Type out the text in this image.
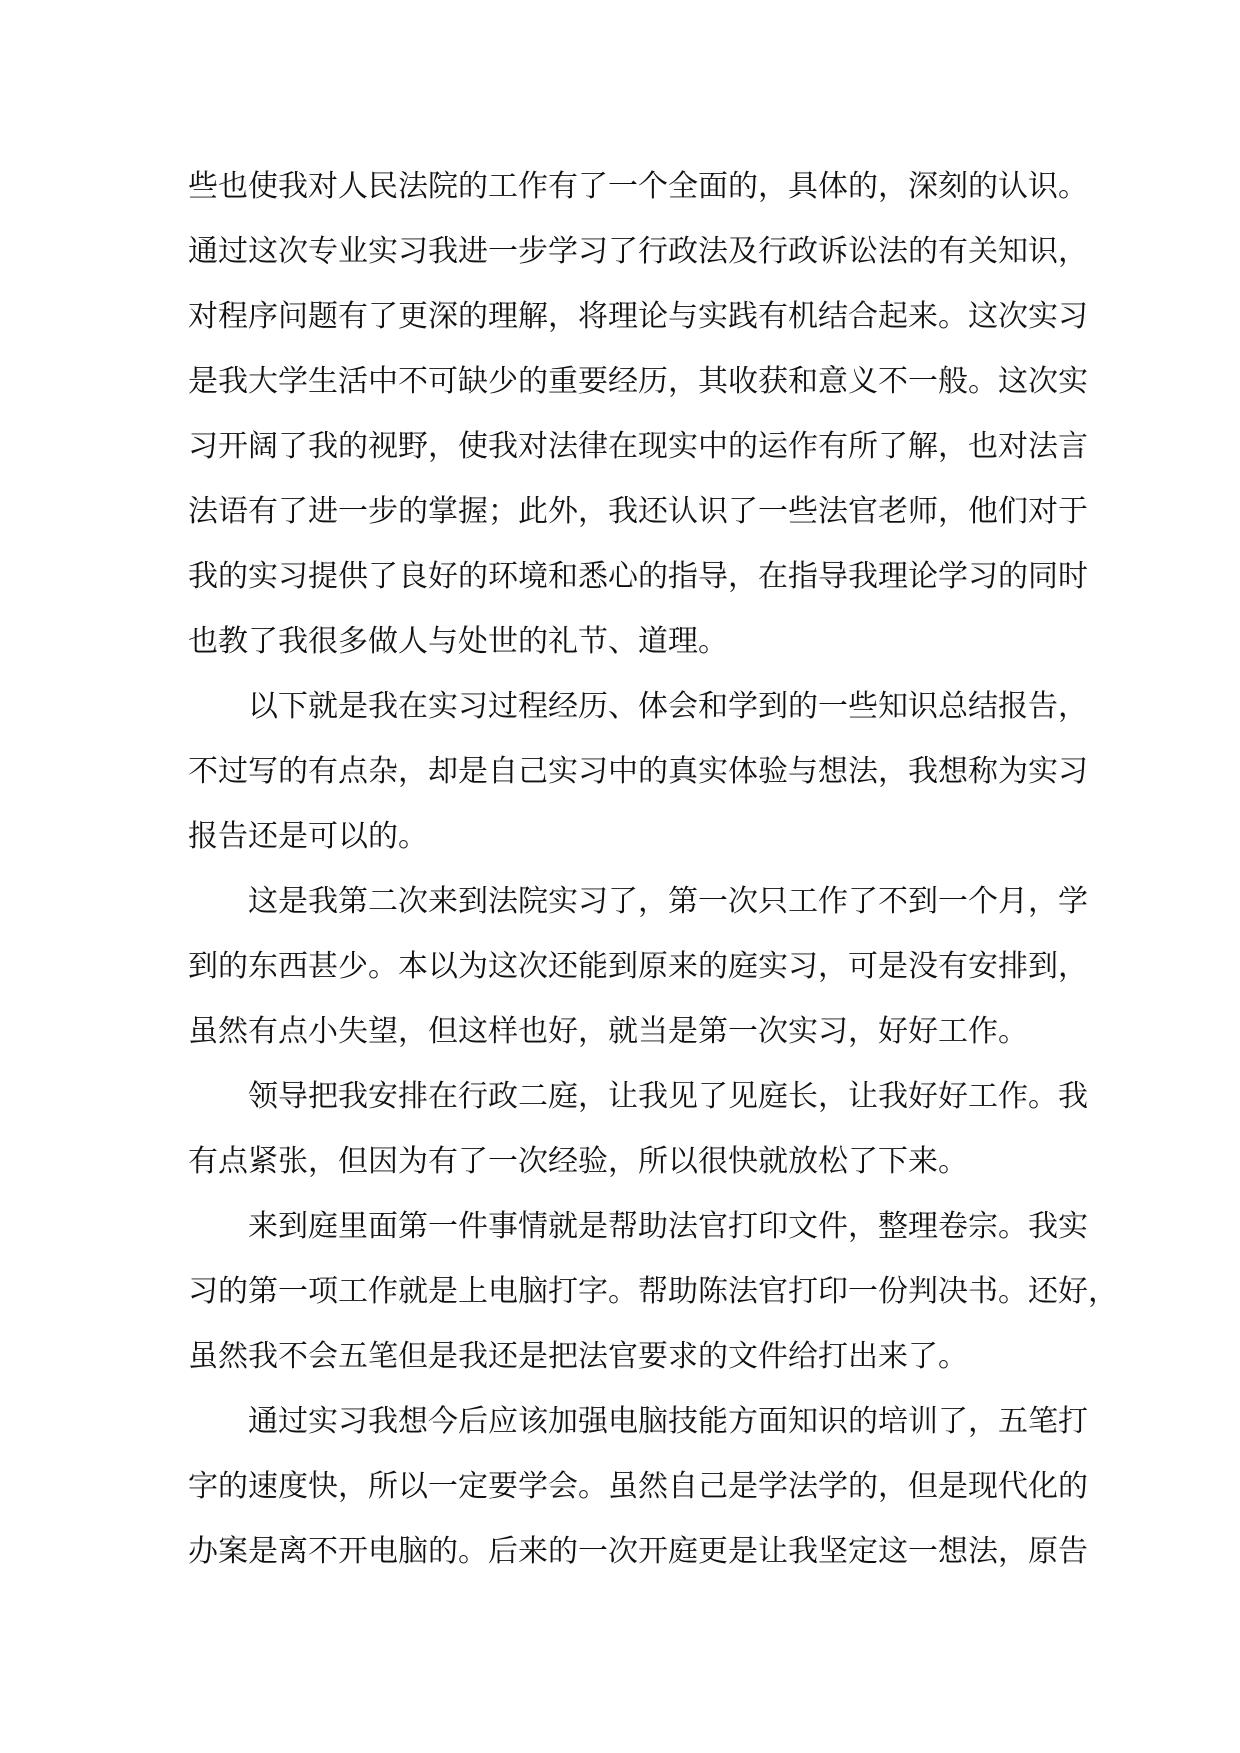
些也使我对人民法院的工作有了一个全面的，具体的，深刻的认识。
通过这次专业实习我进一步学习了行政法及行政诉讼法的有关知识，
对程序问题有了更深的理解，将理论与实践有机结合起来。这次实习
是我大学生活中不可缺少的重要经历，其收获和意义不一般。这次实
习开阔了我的视野，使我对法律在现实中的运作有所了解，也对法言
法语有了进一步的掌握；此外，我还认识了一些法官老师，他们对于
我的实习提供了良好的环境和悉心的指导，在指导我理论学习的同时
也教了我很多做人与处世的礼节、道理。
以下就是我在实习过程经历、体会和学到的一些知识总结报告，
不过写的有点杂，却是自己实习中的真实体验与想法，我想称为实习
报告还是可以的。
这是我第二次来到法院实习了，第一次只工作了不到一个月，学
到的东西甚少。本以为这次还能到原来的庭实习，可是没有安排到，
虽然有点小失望，但这样也好，就当是第一次实习，好好工作。
领导把我安排在行政二庭，让我见了见庭长，让我好好工作。我
有点紧张，但因为有了一次经验，所以很快就放松了下来。
来到庭里面第一件事情就是帮助法官打印文件，整理卷宗。我实
习的第一项工作就是上电脑打字。帮助陈法官打印一份判决书。还好，
虽然我不会五笔但是我还是把法官要求的文件给打出来了。
通过实习我想今后应该加强电脑技能方面知识的培训了，五笔打
字的速度快，所以一定要学会。虽然自己是学法学的，但是现代化的
办案是离不开电脑的。后来的一次开庭更是让我坚定这一想法，原告
